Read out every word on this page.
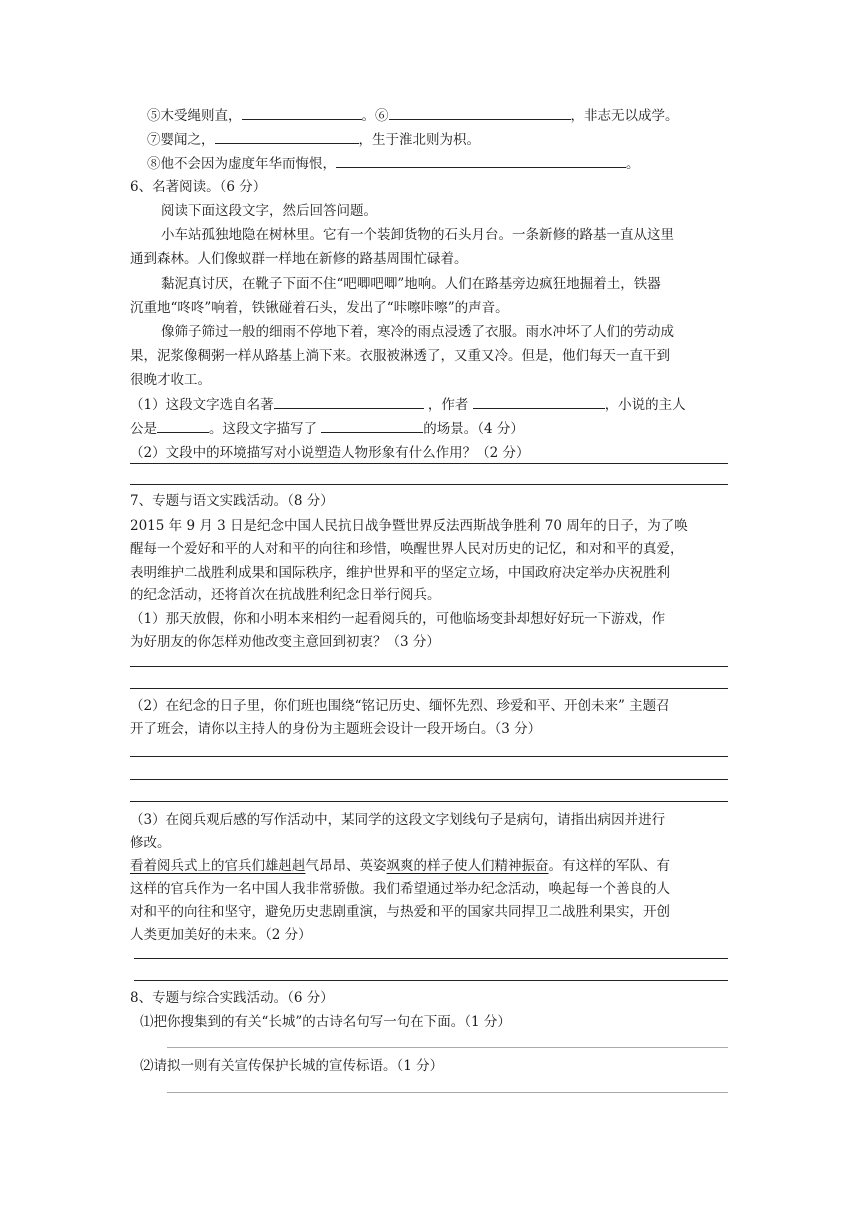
⑤木受绳则直，	。⑥	，非志无以成学。
⑦婴闻之，	，生于淮北则为枳。
⑧他不会因为虚度年华而悔恨，	。
6、名著阅读。（6 分）
阅读下面这段文字，然后回答问题。
小车站孤独地隐在树林里。它有一个装卸货物的石头月台。一条新修的路基一直从这里
通到森林。人们像蚁群一样地在新修的路基周围忙碌着。
黏泥真讨厌，在靴子下面不住“吧唧吧唧”地响。人们在路基旁边疯狂地掘着土，铁器
沉重地“咚咚”响着，铁锹碰着石头，发出了“咔嚓咔嚓”的声音。
像筛子筛过一般的细雨不停地下着，寒冷的雨点浸透了衣服。雨水冲坏了人们的劳动成
果，泥浆像稠粥一样从路基上淌下来。衣服被淋透了，又重又冷。但是，他们每天一直干到
很晚才收工。
（1）这段文字选自名著	，作者	，小说的主人
公是	。这段文字描写了	的场景。（4 分）
（2）文段中的环境描写对小说塑造人物形象有什么作用？（2 分）
7、专题与语文实践活动。（8 分）
2015 年 9 月 3 日是纪念中国人民抗日战争暨世界反法西斯战争胜利 70 周年的日子，为了唤
醒每一个爱好和平的人对和平的向往和珍惜，唤醒世界人民对历史的记忆，和对和平的真爱，
表明维护二战胜利成果和国际秩序，维护世界和平的坚定立场，中国政府决定举办庆祝胜利
的纪念活动，还将首次在抗战胜利纪念日举行阅兵。
（1）那天放假，你和小明本来相约一起看阅兵的，可他临场变卦却想好好玩一下游戏，作
为好朋友的你怎样劝他改变主意回到初衷？（3 分）
（2）在纪念的日子里，你们班也围绕“铭记历史、缅怀先烈、珍爱和平、开创未来” 主题召
开了班会，请你以主持人的身份为主题班会设计一段开场白。（3 分）
（3）在阅兵观后感的写作活动中，某同学的这段文字划线句子是病句，请指出病因并进行
修改。
看着阅兵式上的官兵们雄赳赳气昂昂、英姿飒爽的样子使人们精神振奋。有这样的军队、有
这样的官兵作为一名中国人我非常骄傲。我们希望通过举办纪念活动，唤起每一个善良的人
对和平的向往和坚守，避免历史悲剧重演，与热爱和平的国家共同捍卫二战胜利果实，开创
人类更加美好的未来。（2 分）
8、专题与综合实践活动。（6 分）
⑴把你搜集到的有关“长城”的古诗名句写一句在下面。（1 分）
⑵请拟一则有关宣传保护长城的宣传标语。（1 分）
